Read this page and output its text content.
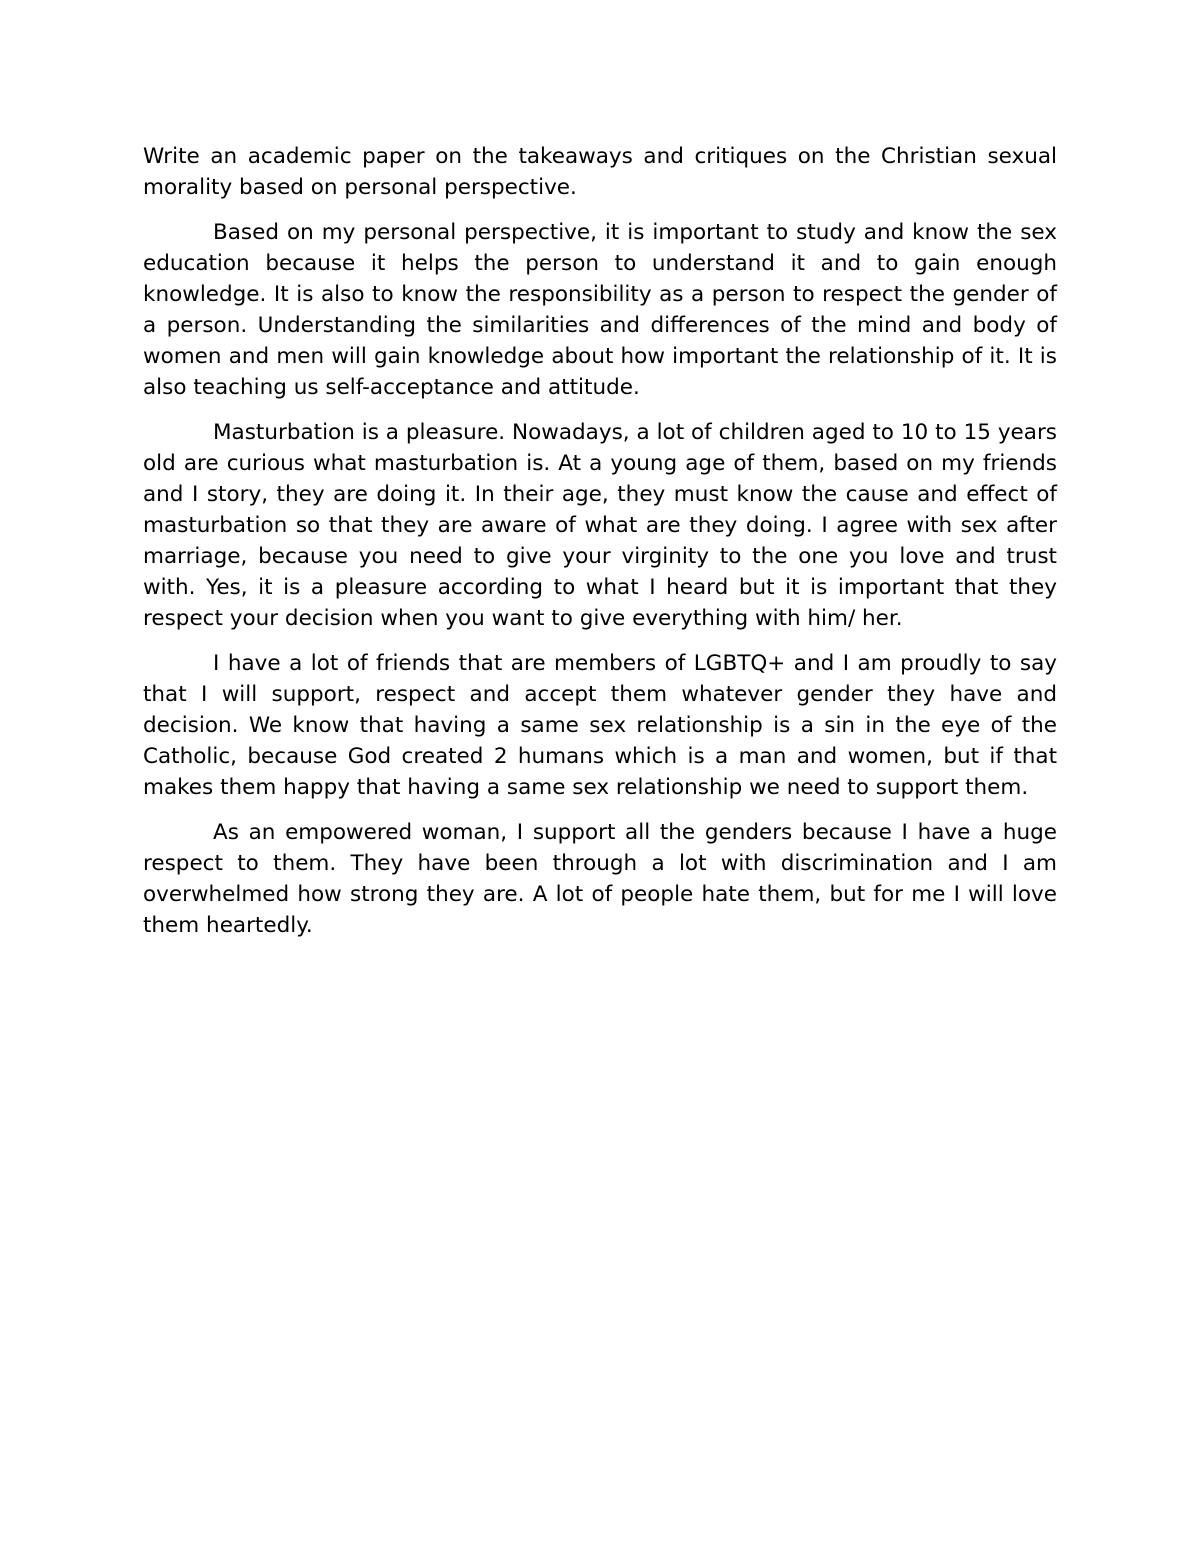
Write an academic paper on the takeaways and critiques on the Christian sexual morality based on personal perspective.

Based on my personal perspective, it is important to study and know the sex education because it helps the person to understand it and to gain enough knowledge. It is also to know the responsibility as a person to respect the gender of a person. Understanding the similarities and differences of the mind and body of women and men will gain knowledge about how important the relationship of it. It is also teaching us self-acceptance and attitude.

Masturbation is a pleasure. Nowadays, a lot of children aged to 10 to 15 years old are curious what masturbation is. At a young age of them, based on my friends and I story, they are doing it. In their age, they must know the cause and effect of masturbation so that they are aware of what are they doing. I agree with sex after marriage, because you need to give your virginity to the one you love and trust with. Yes, it is a pleasure according to what I heard but it is important that they respect your decision when you want to give everything with him/ her.

I have a lot of friends that are members of LGBTQ+ and I am proudly to say that I will support, respect and accept them whatever gender they have and decision. We know that having a same sex relationship is a sin in the eye of the Catholic, because God created 2 humans which is a man and women, but if that makes them happy that having a same sex relationship we need to support them.

As an empowered woman, I support all the genders because I have a huge respect to them. They have been through a lot with discrimination and I am overwhelmed how strong they are. A lot of people hate them, but for me I will love them heartedly.
